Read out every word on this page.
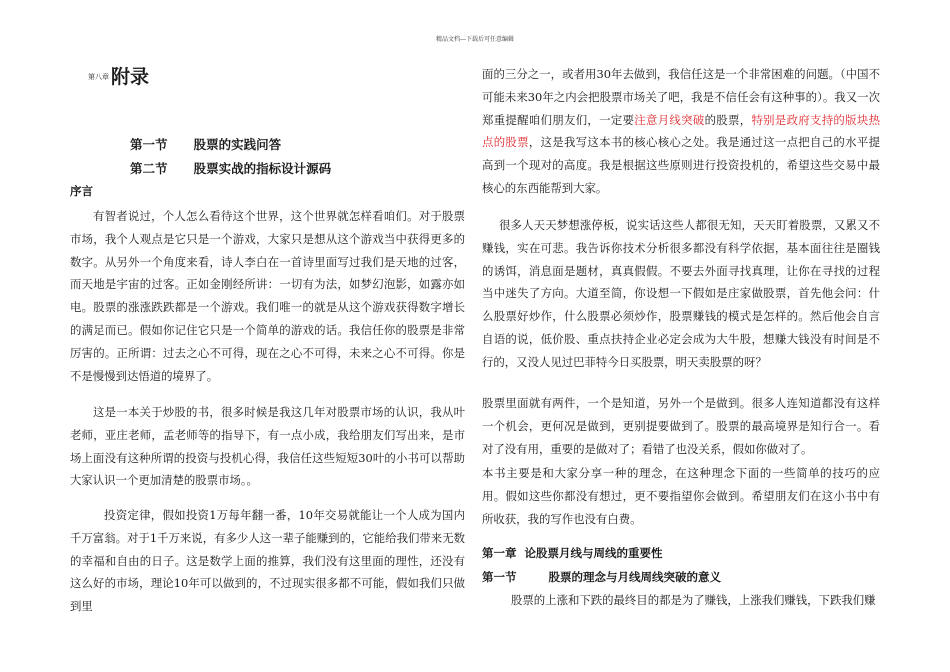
精品文档---下载后可任意编辑
第八章 附录
第一节      股票的实践问答
第二节      股票实战的指标设计源码
序言

有智者说过，个人怎么看待这个世界，这个世界就怎样看咱们。对于股票市场，我个人观点是它只是一个游戏，大家只是想从这个游戏当中获得更多的数字。从另外一个角度来看，诗人李白在一首诗里面写过我们是天地的过客，而天地是宇宙的过客。正如金刚经所讲：一切有为法，如梦幻泡影，如露亦如电。股票的涨涨跌跌都是一个游戏。我们唯一的就是从这个游戏获得数字增长的满足而已。假如你记住它只是一个简单的游戏的话。我信任你的股票是非常厉害的。正所谓：过去之心不可得，现在之心不可得，未来之心不可得。你是不是慢慢到达悟道的境界了。

这是一本关于炒股的书，很多时候是我这几年对股票市场的认识，我从叶老师，亚庄老师，孟老师等的指导下，有一点小成，我给朋友们写出来，是市场上面没有这种所谓的投资与投机心得，我信任这些短短30叶的小书可以帮助大家认识一个更加清楚的股票市场。。

投资定律，假如投资1万每年翻一番，10年交易就能让一个人成为国内千万富翁。对于1千万来说，有多少人这一辈子能赚到的，它能给我们带来无数的幸福和自由的日子。这是数学上面的推算，我们没有这里面的理性，还没有这么好的市场，理论10年可以做到的，不过现实很多都不可能，假如我们只做到里

面的三分之一，或者用30年去做到，我信任这是一个非常困难的问题。（中国不可能未来30年之内会把股票市场关了吧，我是不信任会有这种事的）。我又一次郑重提醒咱们朋友们，一定要注意月线突破的股票，特别是政府支持的版块热点的股票，这是我写这本书的核心核心之处。我是通过这一点把自己的水平提高到一个现对的高度。我是根据这些原则进行投资投机的，希望这些交易中最核心的东西能帮到大家。

很多人天天梦想涨停板，说实话这些人都很无知，天天盯着股票，又累又不赚钱，实在可悲。我告诉你技术分析很多都没有科学依据，基本面往往是圈钱的诱饵，消息面是题材，真真假假。不要去外面寻找真理，让你在寻找的过程当中迷失了方向。大道至简，你设想一下假如是庄家做股票，首先他会问：什么股票好炒作，什么股票必须炒作，股票赚钱的模式是怎样的。然后他会自言自语的说，低价股、重点扶持企业必定会成为大牛股，想赚大钱没有时间是不行的，又没人见过巴菲特今日买股票，明天卖股票的呀？

股票里面就有两件，一个是知道，另外一个是做到。很多人连知道都没有这样一个机会，更何况是做到，更别提要做到了。股票的最高境界是知行合一。看对了没有用，重要的是做对了；看错了也没关系，假如你做对了。

本书主要是和大家分享一种的理念，在这种理念下面的一些简单的技巧的应用。假如这些你都没有想过，更不要指望你会做到。希望朋友们在这小书中有所收获，我的写作也没有白费。

第一章  论股票月线与周线的重要性
第一节        股票的理念与月线周线突破的意义

股票的上涨和下跌的最终目的都是为了赚钱，上涨我们赚钱，下跌我们赚
